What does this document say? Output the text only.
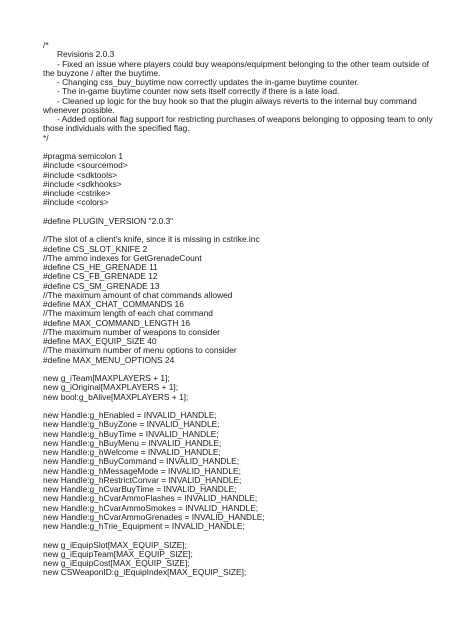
/*
Revisions 2.0.3
- Fixed an issue where players could buy weapons/equipment belonging to the other team outside of the buyzone / after the buytime.
- Changing css_buy_buytime now correctly updates the in-game buytime counter.
- The in-game buytime counter now sets itself correctly if there is a late load.
- Cleaned up logic for the buy hook so that the plugin always reverts to the internal buy command whenever possible.
- Added optional flag support for restricting purchases of weapons belonging to opposing team to only those individuals with the specified flag.
*/
#pragma semicolon 1
#include <sourcemod>
#include <sdktools>
#include <sdkhooks>
#include <cstrike>
#include <colors>
#define PLUGIN_VERSION "2.0.3"
//The slot of a client's knife, since it is missing in cstrike.inc
#define CS_SLOT_KNIFE 2
//The ammo indexes for GetGrenadeCount
#define CS_HE_GRENADE 11
#define CS_FB_GRENADE 12
#define CS_SM_GRENADE 13
//The maximum amount of chat commands allowed
#define MAX_CHAT_COMMANDS 16
//The maximum length of each chat command
#define MAX_COMMAND_LENGTH 16
//The maximum number of weapons to consider
#define MAX_EQUIP_SIZE 40
//The maximum number of menu options to consider
#define MAX_MENU_OPTIONS 24
new g_iTeam[MAXPLAYERS + 1];
new g_iOriginal[MAXPLAYERS + 1];
new bool:g_bAlive[MAXPLAYERS + 1];
new Handle:g_hEnabled = INVALID_HANDLE;
new Handle:g_hBuyZone = INVALID_HANDLE;
new Handle:g_hBuyTime = INVALID_HANDLE;
new Handle:g_hBuyMenu = INVALID_HANDLE;
new Handle:g_hWelcome = INVALID_HANDLE;
new Handle:g_hBuyCommand = INVALID_HANDLE;
new Handle:g_hMessageMode = INVALID_HANDLE;
new Handle:g_hRestrictConvar = INVALID_HANDLE;
new Handle:g_hCvarBuyTime = INVALID_HANDLE;
new Handle:g_hCvarAmmoFlashes = INVALID_HANDLE;
new Handle:g_hCvarAmmoSmokes = INVALID_HANDLE;
new Handle:g_hCvarAmmoGrenades = INVALID_HANDLE;
new Handle:g_hTrie_Equipment = INVALID_HANDLE;
new g_iEquipSlot[MAX_EQUIP_SIZE];
new g_iEquipTeam[MAX_EQUIP_SIZE];
new g_iEquipCost[MAX_EQUIP_SIZE];
new CSWeaponID:g_iEquipIndex[MAX_EQUIP_SIZE];
